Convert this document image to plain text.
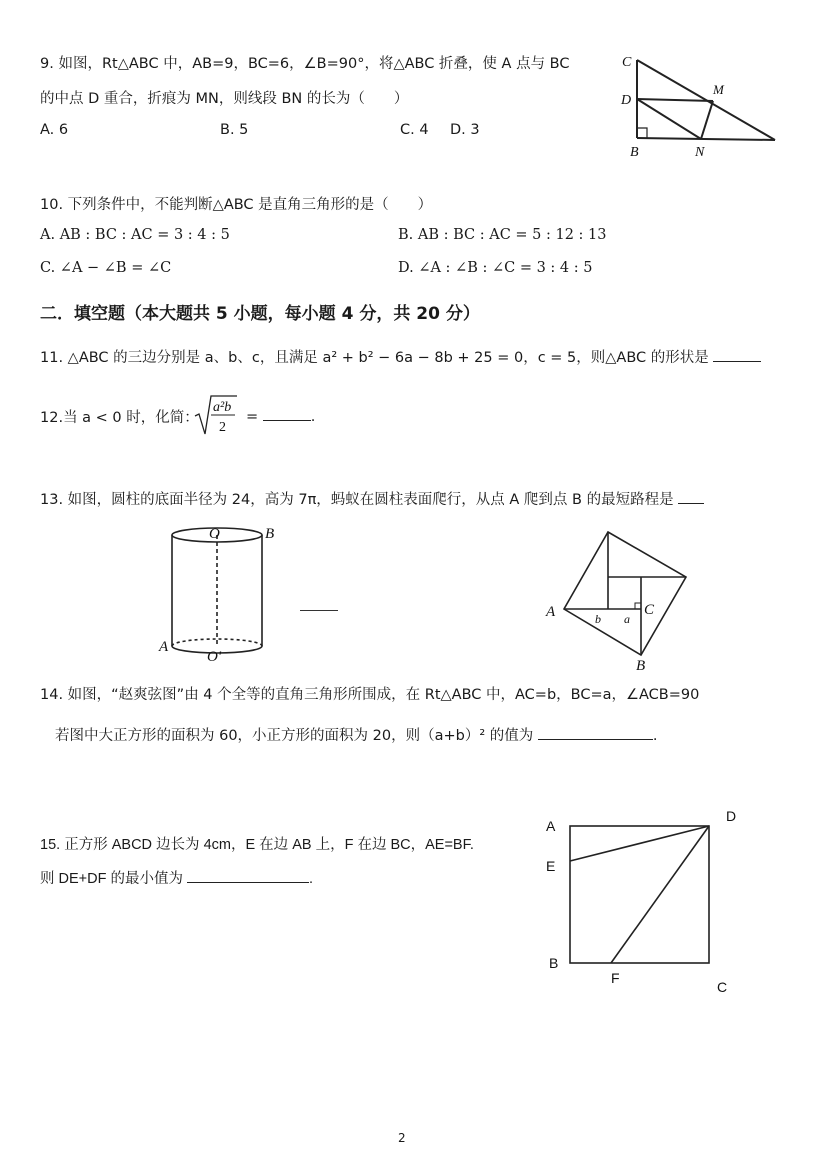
9. 如图，Rt△ABC 中，AB=9，BC=6，∠B=90°，将△ABC 折叠，使 A 点与 BC
的中点 D 重合，折痕为 MN，则线段 BN 的长为（　　）
A. 6	B. 5	C. 4 D. 3
C
D
M
B	N
10. 下列条件中，不能判断△ABC 是直角三角形的是（　　）
A. AB : BC : AC = 3 : 4 : 5	B. AB : BC : AC = 5 : 12 : 13
C. ∠A − ∠B = ∠C	D. ∠A : ∠B : ∠C = 3 : 4 : 5
二．填空题（本大题共 5 小题，每小题 4 分，共 20 分）
11. △ABC 的三边分别是 a、b、c，且满足 a² + b² − 6a − 8b + 25 = 0，c = 5，则△ABC 的形状是
12.当 a < 0 时，化简：
a²b
2
=	.
13. 如图，圆柱的底面半径为 24，高为 7π，蚂蚁在圆柱表面爬行，从点 A 爬到点 B 的最短路程是
O	B
A
O'
A	C
B
b a
14. 如图，“赵爽弦图”由 4 个全等的直角三角形所围成，在 Rt△ABC 中，AC=b，BC=a，∠ACB=90
若图中大正方形的面积为 60，小正方形的面积为 20，则（a+b）² 的值为	.
15. 正方形 ABCD 边长为 4cm，E 在边 AB 上，F 在边 BC，AE=BF.
则 DE+DF 的最小值为	.
A
D
E
B
F
C
2
